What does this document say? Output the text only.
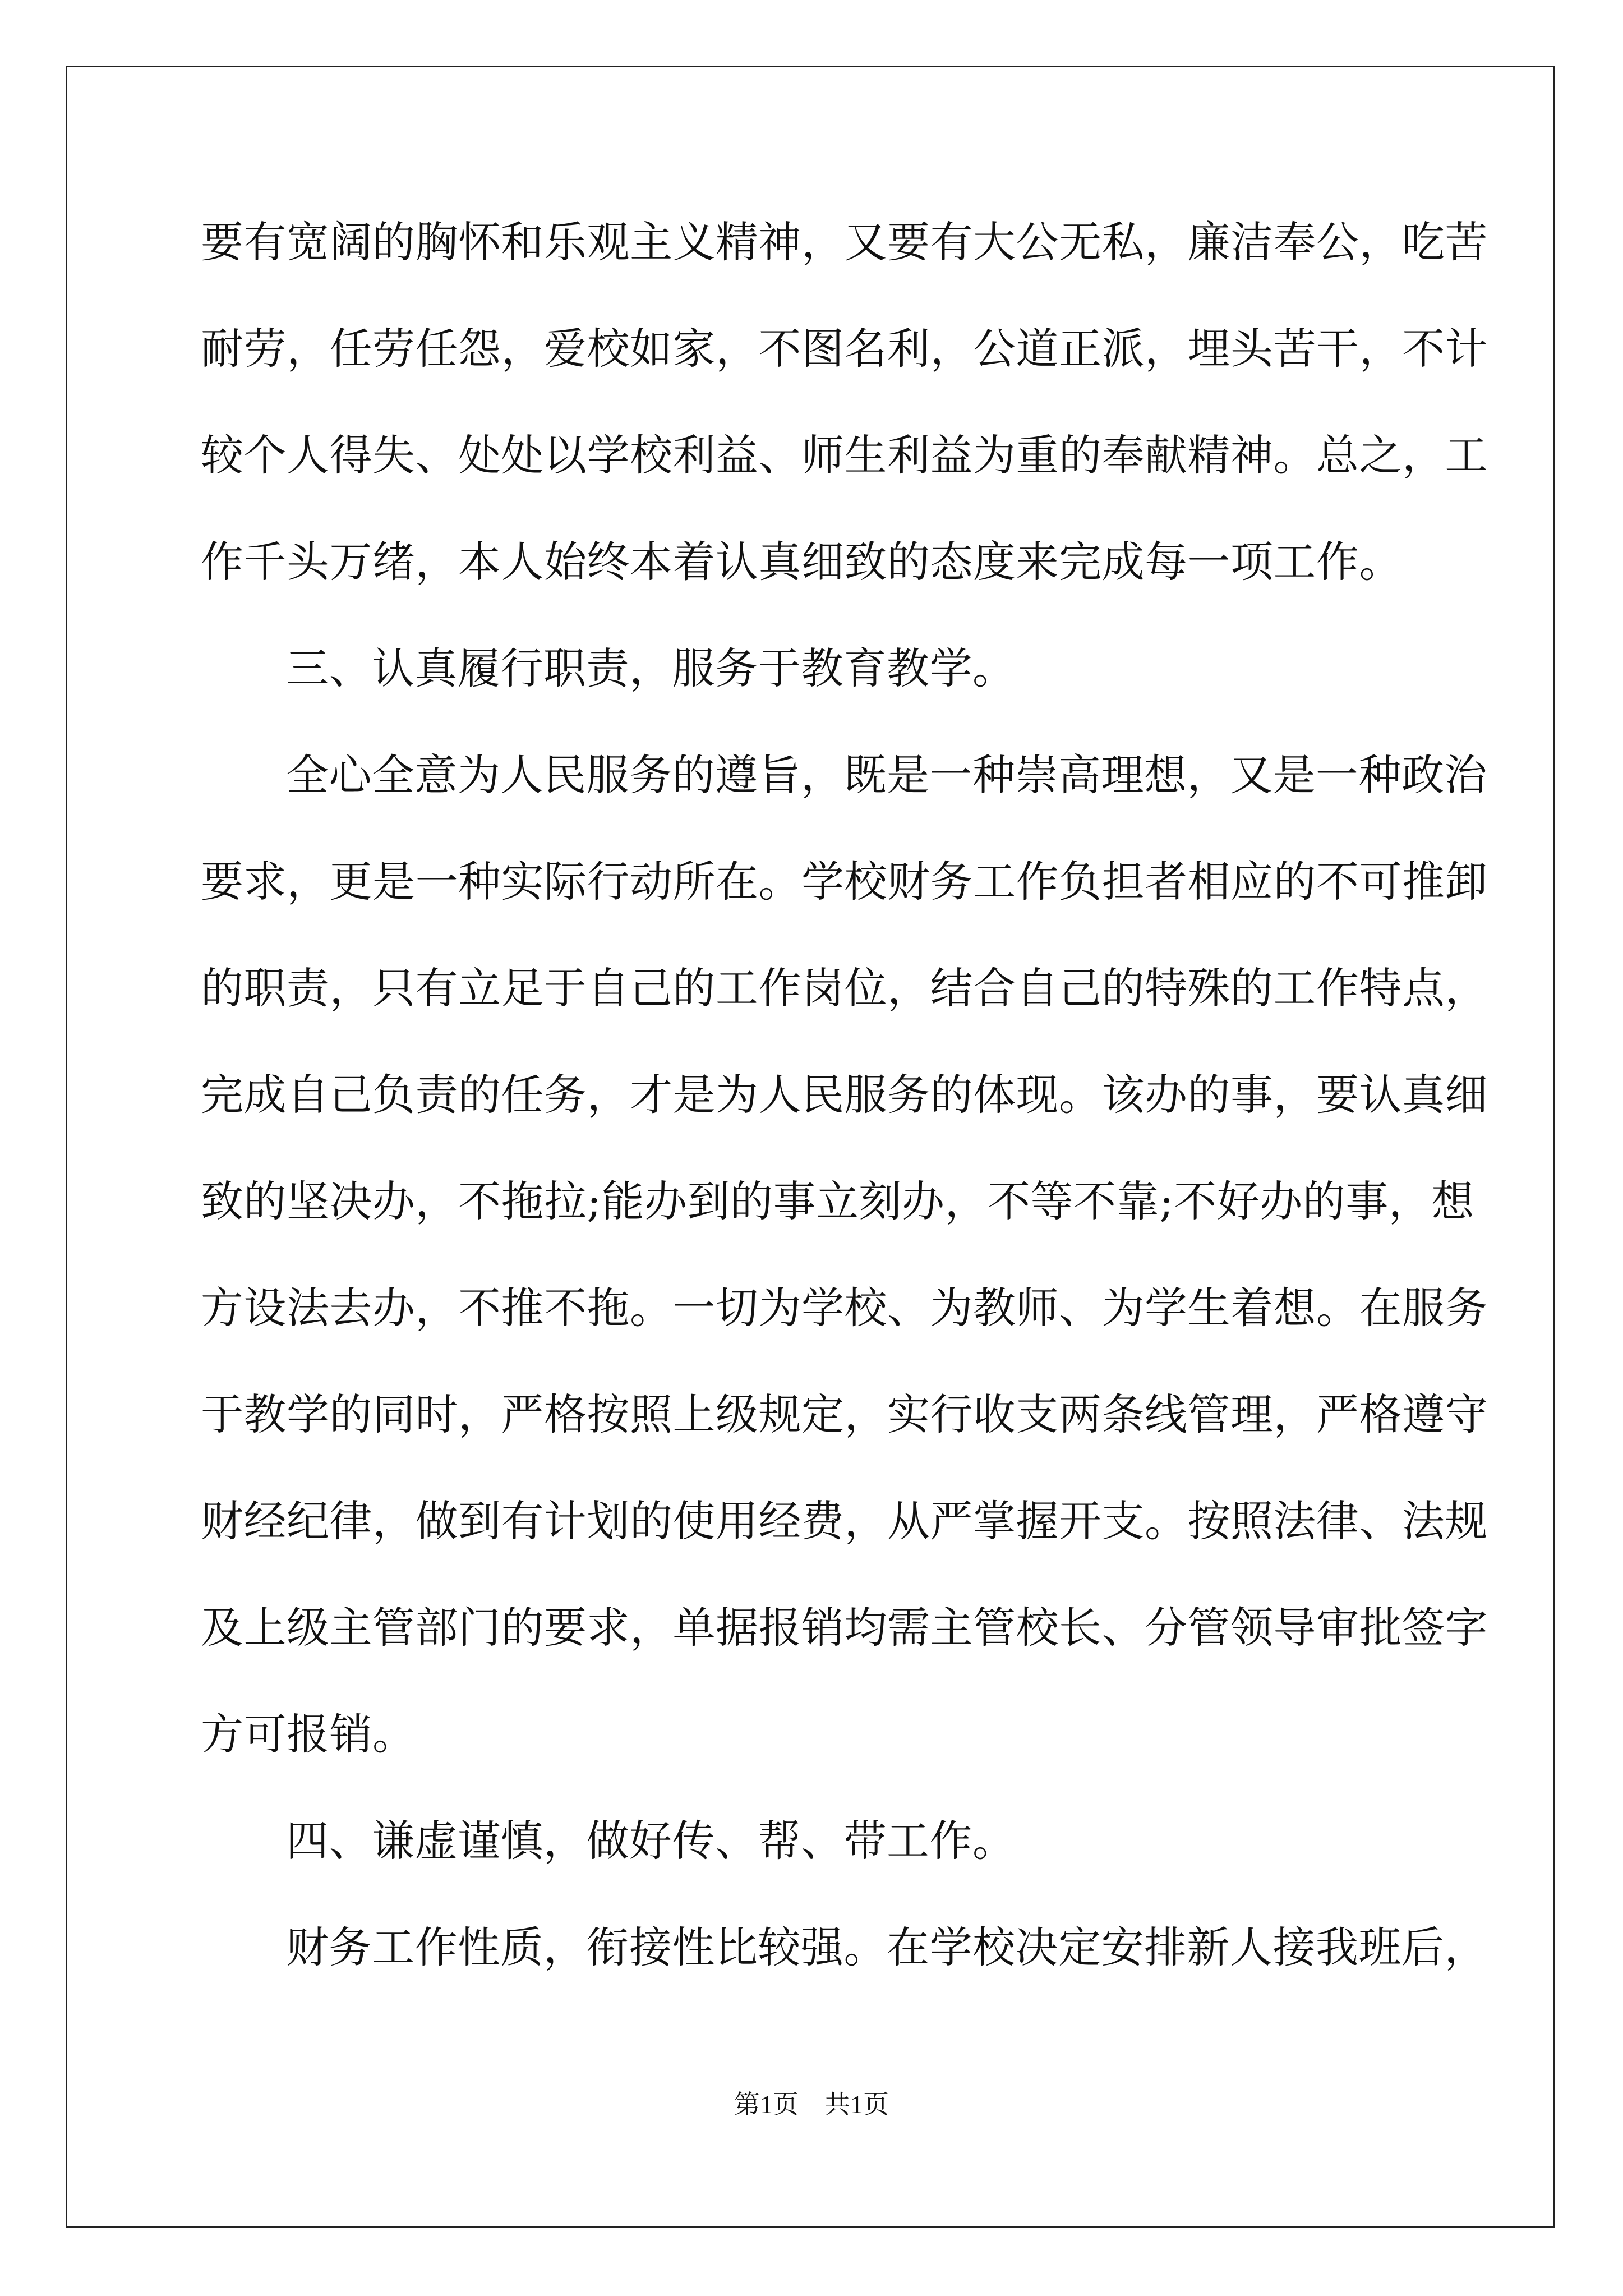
要有宽阔的胸怀和乐观主义精神，又要有大公无私，廉洁奉公，吃苦
耐劳，任劳任怨，爱校如家，不图名利，公道正派，埋头苦干，不计
较个人得失、处处以学校利益、师生利益为重的奉献精神。总之，工
作千头万绪，本人始终本着认真细致的态度来完成每一项工作。
三、认真履行职责，服务于教育教学。
全心全意为人民服务的遵旨，既是一种崇高理想，又是一种政治
要求，更是一种实际行动所在。学校财务工作负担者相应的不可推卸
的职责，只有立足于自己的工作岗位，结合自己的特殊的工作特点，
完成自己负责的任务，才是为人民服务的体现。该办的事，要认真细
致的坚决办，不拖拉;能办到的事立刻办，不等不靠;不好办的事，想
方设法去办，不推不拖。一切为学校、为教师、为学生着想。在服务
于教学的同时，严格按照上级规定，实行收支两条线管理，严格遵守
财经纪律，做到有计划的使用经费，从严掌握开支。按照法律、法规
及上级主管部门的要求，单据报销均需主管校长、分管领导审批签字
方可报销。
四、谦虚谨慎，做好传、帮、带工作。
财务工作性质，衔接性比较强。在学校决定安排新人接我班后，
第1页　共1页
